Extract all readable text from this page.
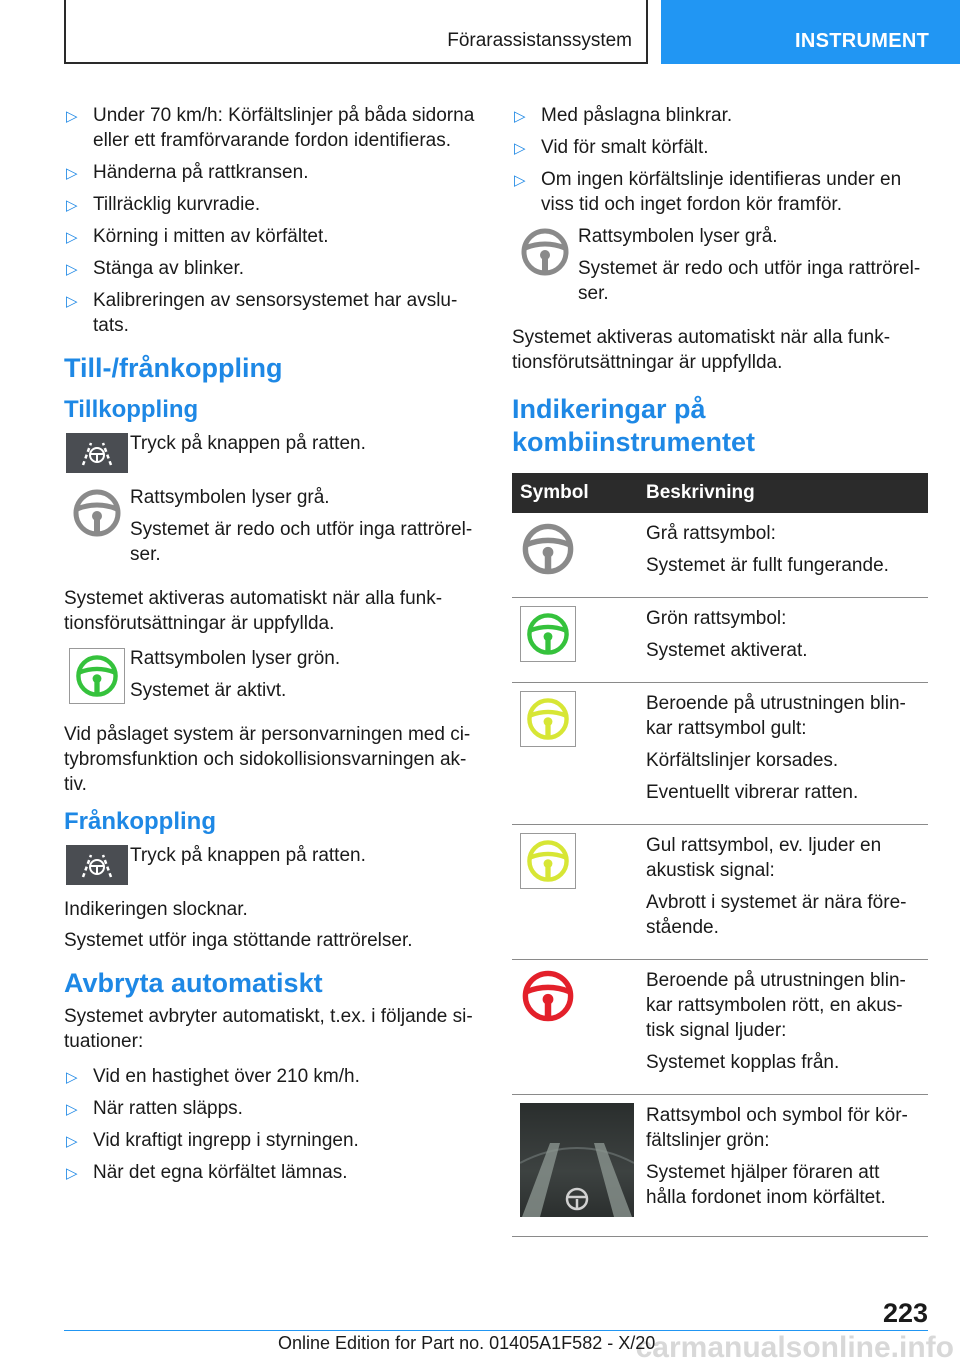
Förarassistanssystem	INSTRUMENT
▷ Under 70 km/h: Körfältslinjer på båda sidorna eller ett framförvarande fordon identifieras.
▷ Händerna på rattkransen.
▷ Tillräcklig kurvradie.
▷ Körning i mitten av körfältet.
▷ Stänga av blinker.
▷ Kalibreringen av sensorsystemet har avslu-tats.
Till-/frånkoppling
Tillkoppling
Tryck på knappen på ratten.
Rattsymbolen lyser grå.
Systemet är redo och utför inga rattrörel-ser.
Systemet aktiveras automatiskt när alla funk-tionsförutsättningar är uppfyllda.
Rattsymbolen lyser grön.
Systemet är aktivt.
Vid påslaget system är personvarningen med ci-tybromsfunktion och sidokollisionsvarningen ak-tiv.
Frånkoppling
Tryck på knappen på ratten.
Indikeringen slocknar.
Systemet utför inga stöttande rattrörelser.
Avbryta automatiskt
Systemet avbryter automatiskt, t.ex. i följande si-tuationer:
▷ Vid en hastighet över 210 km/h.
▷ När ratten släpps.
▷ Vid kraftigt ingrepp i styrningen.
▷ När det egna körfältet lämnas.
▷ Med påslagna blinkrar.
▷ Vid för smalt körfält.
▷ Om ingen körfältslinje identifieras under en viss tid och inget fordon kör framför.
Rattsymbolen lyser grå.
Systemet är redo och utför inga rattrörel-ser.
Systemet aktiveras automatiskt när alla funk-tionsförutsättningar är uppfyllda.
Indikeringar på kombiinstrumentet
Symbol	Beskrivning

Grå rattsymbol:
Systemet är fullt fungerande.

Grön rattsymbol:
Systemet aktiverat.

Beroende på utrustningen blin-kar rattsymbol gult:
Körfältslinjer korsades.
Eventuellt vibrerar ratten.

Gul rattsymbol, ev. ljuder en akustisk signal:
Avbrott i systemet är nära före-stående.

Beroende på utrustningen blin-kar rattsymbolen rött, en akus-tisk signal ljuder:
Systemet kopplas från.

Rattsymbol och symbol för kör-fältslinjer grön:
Systemet hjälper föraren att hålla fordonet inom körfältet.
223
carmanualsonline.info
Online Edition for Part no. 01405A1F582 - X/20
